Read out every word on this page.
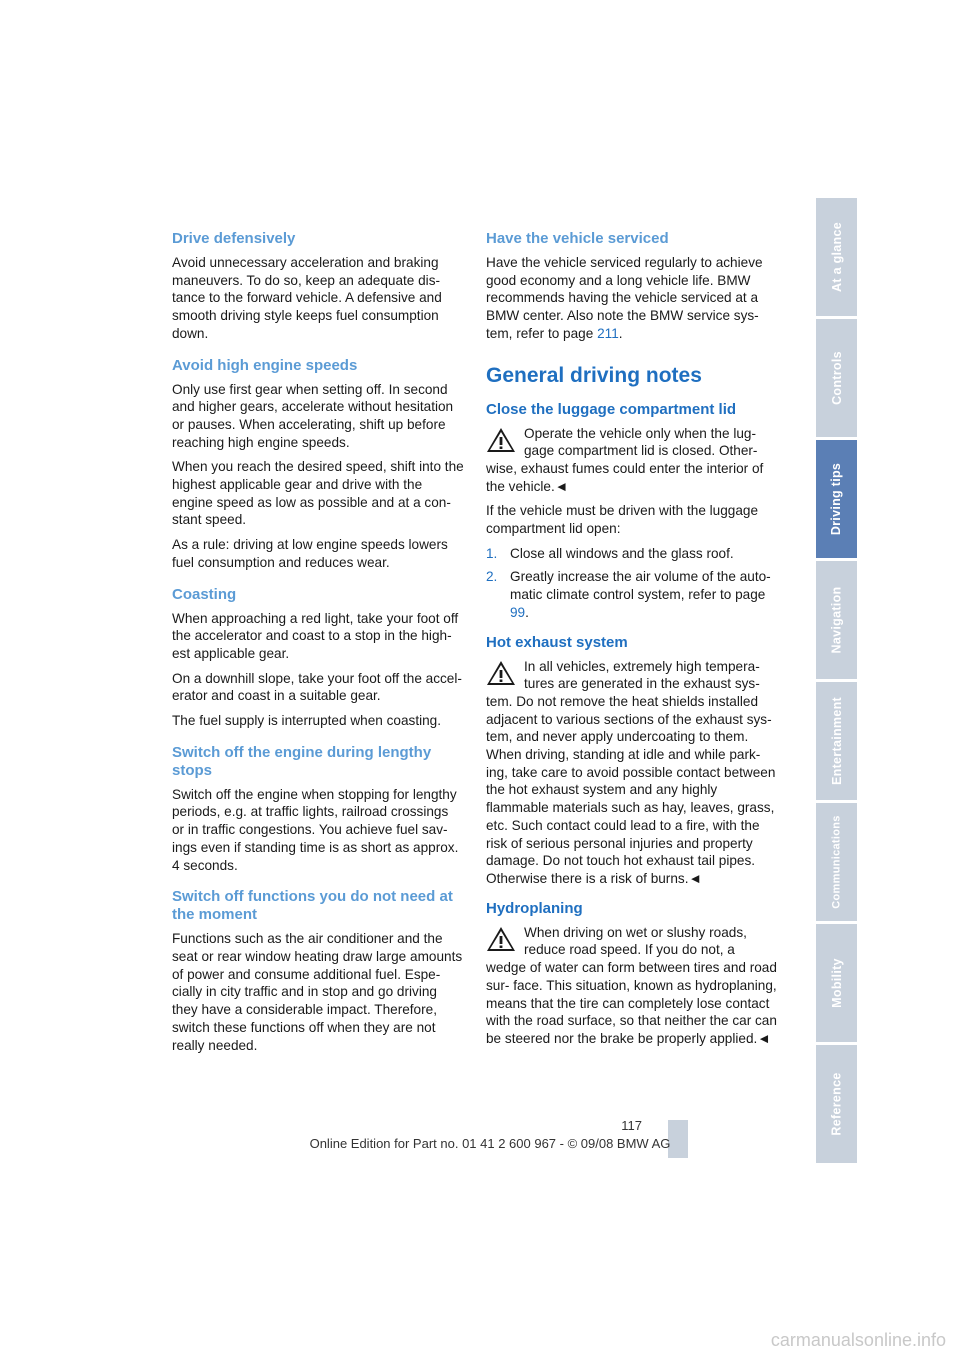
Drive defensively

Avoid unnecessary acceleration and braking maneuvers. To do so, keep an adequate dis- tance to the forward vehicle. A defensive and smooth driving style keeps fuel consumption down.

Avoid high engine speeds

Only use first gear when setting off. In second and higher gears, accelerate without hesitation or pauses. When accelerating, shift up before reaching high engine speeds.

When you reach the desired speed, shift into the highest applicable gear and drive with the engine speed as low as possible and at a con- stant speed.

As a rule: driving at low engine speeds lowers fuel consumption and reduces wear.

Coasting

When approaching a red light, take your foot off the accelerator and coast to a stop in the high- est applicable gear.

On a downhill slope, take your foot off the accel- erator and coast in a suitable gear.

The fuel supply is interrupted when coasting.

Switch off the engine during lengthy stops

Switch off the engine when stopping for lengthy periods, e.g. at traffic lights, railroad crossings or in traffic congestions. You achieve fuel sav- ings even if standing time is as short as approx. 4 seconds.

Switch off functions you do not need at the moment

Functions such as the air conditioner and the seat or rear window heating draw large amounts of power and consume additional fuel. Espe- cially in city traffic and in stop and go driving they have a considerable impact. Therefore, switch these functions off when they are not really needed.

Have the vehicle serviced

Have the vehicle serviced regularly to achieve good economy and a long vehicle life. BMW recommends having the vehicle serviced at a BMW center. Also note the BMW service sys- tem, refer to page 211.

General driving notes
Close the luggage compartment lid
Operate the vehicle only when the lug- gage compartment lid is closed. Other- wise, exhaust fumes could enter the interior of the vehicle.◄

If the vehicle must be driven with the luggage compartment lid open:

1. Close all windows and the glass roof.
2. Greatly increase the air volume of the auto- matic climate control system, refer to page 99.
Hot exhaust system
In all vehicles, extremely high tempera- tures are generated in the exhaust sys- tem. Do not remove the heat shields installed adjacent to various sections of the exhaust sys- tem, and never apply undercoating to them. When driving, standing at idle and while park- ing, take care to avoid possible contact between the hot exhaust system and any highly flammable materials such as hay, leaves, grass, etc. Such contact could lead to a fire, with the risk of serious personal injuries and property damage. Do not touch hot exhaust tail pipes. Otherwise there is a risk of burns.◄
Hydroplaning
When driving on wet or slushy roads, reduce road speed. If you do not, a wedge of water can form between tires and road sur- face. This situation, known as hydroplaning, means that the tire can completely lose contact with the road surface, so that neither the car can be steered nor the brake be properly applied.◄
At a glance
Controls
Driving tips
Navigation
Entertainment
Communications
Mobility
Reference
117
Online Edition for Part no. 01 41 2 600 967 - © 09/08 BMW AG
carmanualsonline.info
